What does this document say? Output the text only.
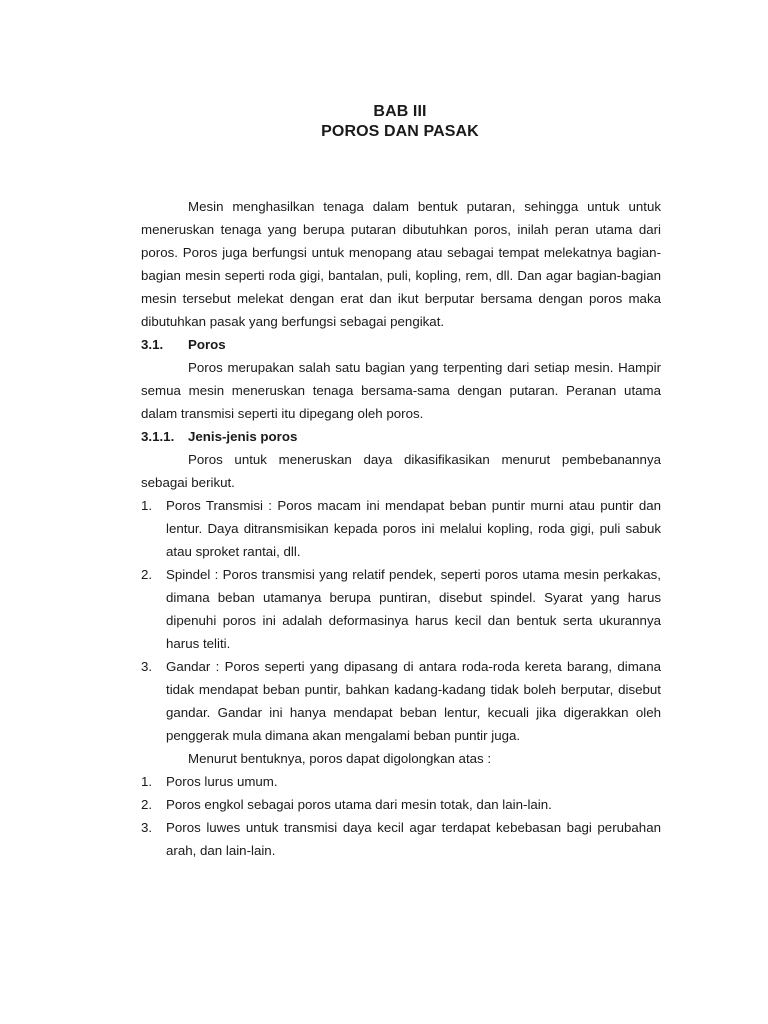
BAB III
POROS DAN PASAK

Mesin menghasilkan tenaga dalam bentuk putaran, sehingga untuk untuk meneruskan tenaga yang berupa putaran dibutuhkan poros, inilah peran utama dari poros. Poros juga berfungsi untuk menopang atau sebagai tempat melekatnya bagian-bagian mesin seperti roda gigi, bantalan, puli, kopling, rem, dll. Dan agar bagian-bagian mesin tersebut melekat dengan erat dan ikut berputar bersama dengan poros maka dibutuhkan pasak yang berfungsi sebagai pengikat.

3.1.	Poros

Poros merupakan salah satu bagian yang terpenting dari setiap mesin. Hampir semua mesin meneruskan tenaga bersama-sama dengan putaran. Peranan utama dalam transmisi seperti itu dipegang oleh poros.

3.1.1.	Jenis-jenis poros

Poros untuk meneruskan daya dikasifikasikan menurut pembebanannya sebagai berikut.

1.	Poros Transmisi : Poros macam ini mendapat beban puntir murni atau puntir dan lentur. Daya ditransmisikan kepada poros ini melalui kopling, roda gigi, puli sabuk atau sproket rantai, dll.
2.	Spindel : Poros transmisi yang relatif pendek, seperti poros utama mesin perkakas, dimana beban utamanya berupa puntiran, disebut spindel. Syarat yang harus dipenuhi poros ini adalah deformasinya harus kecil dan bentuk serta ukurannya harus teliti.
3.	Gandar : Poros seperti yang dipasang di antara roda-roda kereta barang, dimana tidak mendapat beban puntir, bahkan kadang-kadang tidak boleh berputar, disebut gandar. Gandar ini hanya mendapat beban lentur, kecuali jika digerakkan oleh penggerak mula dimana akan mengalami beban puntir juga.

Menurut bentuknya, poros dapat digolongkan atas :

1.	Poros lurus umum.
2.	Poros engkol sebagai poros utama dari mesin totak, dan lain-lain.
3.	Poros luwes untuk transmisi daya kecil agar terdapat kebebasan bagi perubahan arah, dan lain-lain.
